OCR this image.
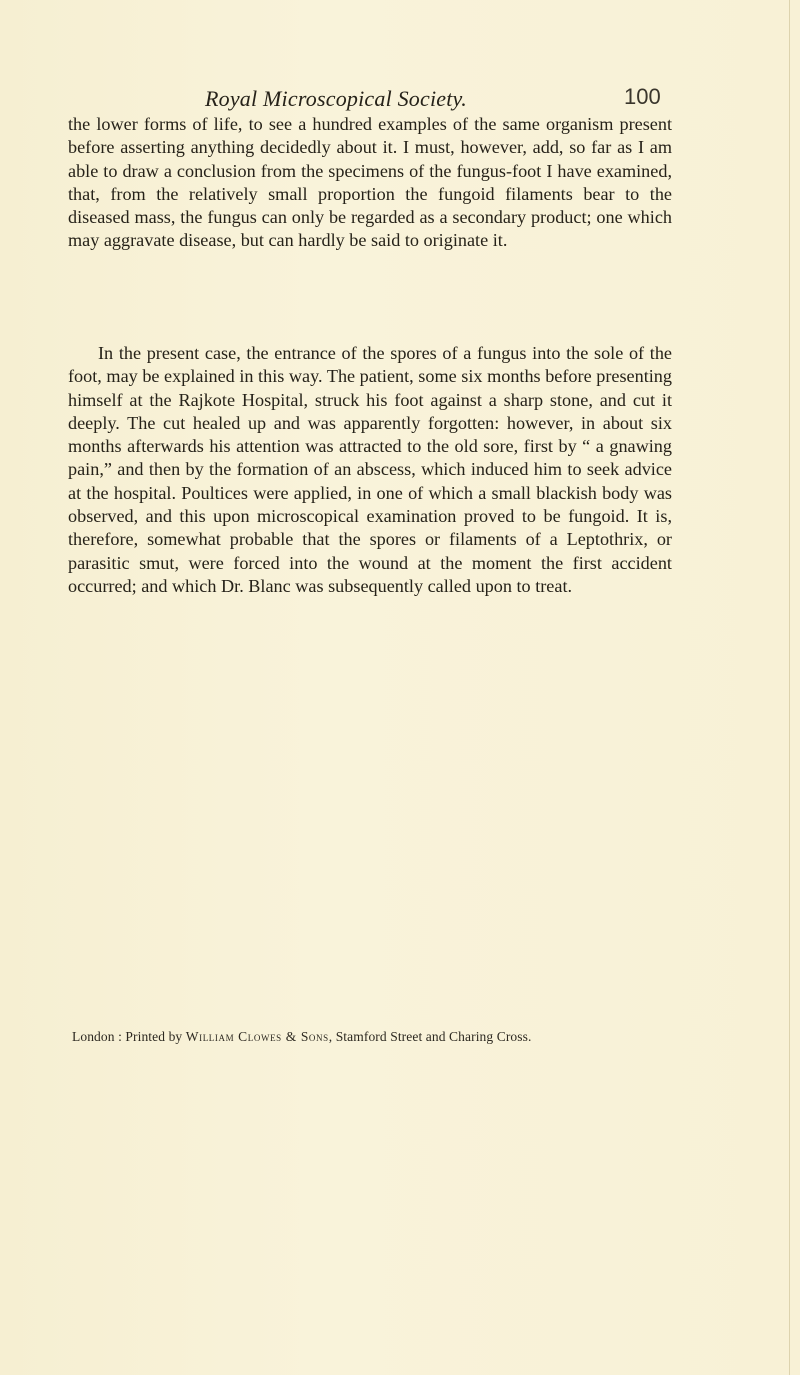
Royal Microscopical Society.	100

the lower forms of life, to see a hundred examples of the same organism present before asserting anything decidedly about it. I must, however, add, so far as I am able to draw a conclusion from the specimens of the fungus-foot I have examined, that, from the relatively small proportion the fungoid filaments bear to the diseased mass, the fungus can only be regarded as a secondary product; one which may aggravate disease, but can hardly be said to originate it.

In the present case, the entrance of the spores of a fungus into the sole of the foot, may be explained in this way. The patient, some six months before presenting himself at the Rajkote Hospital, struck his foot against a sharp stone, and cut it deeply. The cut healed up and was apparently forgotten: however, in about six months afterwards his attention was attracted to the old sore, first by “ a gnawing pain,” and then by the formation of an abscess, which induced him to seek advice at the hospital. Poultices were applied, in one of which a small blackish body was observed, and this upon microscopical examination proved to be fungoid. It is, therefore, somewhat probable that the spores or filaments of a Leptothrix, or parasitic smut, were forced into the wound at the moment the first accident occurred; and which Dr. Blanc was subsequently called upon to treat.

London : Printed by William Clowes & Sons, Stamford Street and Charing Cross.
